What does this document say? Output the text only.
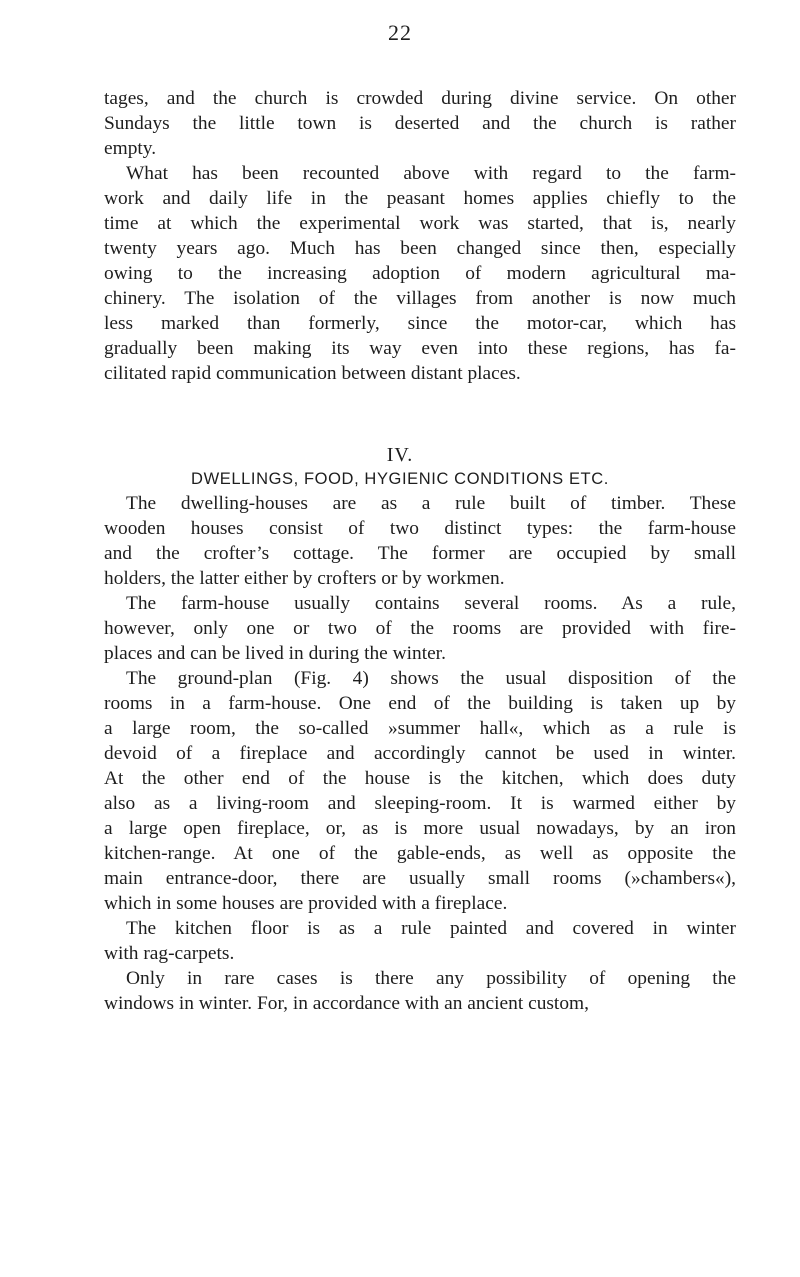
22
tages, and the church is crowded during divine service. On other
Sundays the little town is deserted and the church is rather
empty.
What has been recounted above with regard to the farm-
work and daily life in the peasant homes applies chiefly to the
time at which the experimental work was started, that is, nearly
twenty years ago. Much has been changed since then, especially
owing to the increasing adoption of modern agricultural ma-
chinery. The isolation of the villages from another is now much
less marked than formerly, since the motor-car, which has
gradually been making its way even into these regions, has fa-
cilitated rapid communication between distant places.
IV.
DWELLINGS, FOOD, HYGIENIC CONDITIONS ETC.
The dwelling-houses are as a rule built of timber. These
wooden houses consist of two distinct types: the farm-house
and the crofter’s cottage. The former are occupied by small
holders, the latter either by crofters or by workmen.
The farm-house usually contains several rooms. As a rule,
however, only one or two of the rooms are provided with fire-
places and can be lived in during the winter.
The ground-plan (Fig. 4) shows the usual disposition of the
rooms in a farm-house. One end of the building is taken up by
a large room, the so-called »summer hall«, which as a rule is
devoid of a fireplace and accordingly cannot be used in winter.
At the other end of the house is the kitchen, which does duty
also as a living-room and sleeping-room. It is warmed either by
a large open fireplace, or, as is more usual nowadays, by an iron
kitchen-range. At one of the gable-ends, as well as opposite the
main entrance-door, there are usually small rooms (»chambers«),
which in some houses are provided with a fireplace.
The kitchen floor is as a rule painted and covered in winter
with rag-carpets.
Only in rare cases is there any possibility of opening the
windows in winter. For, in accordance with an ancient custom,
